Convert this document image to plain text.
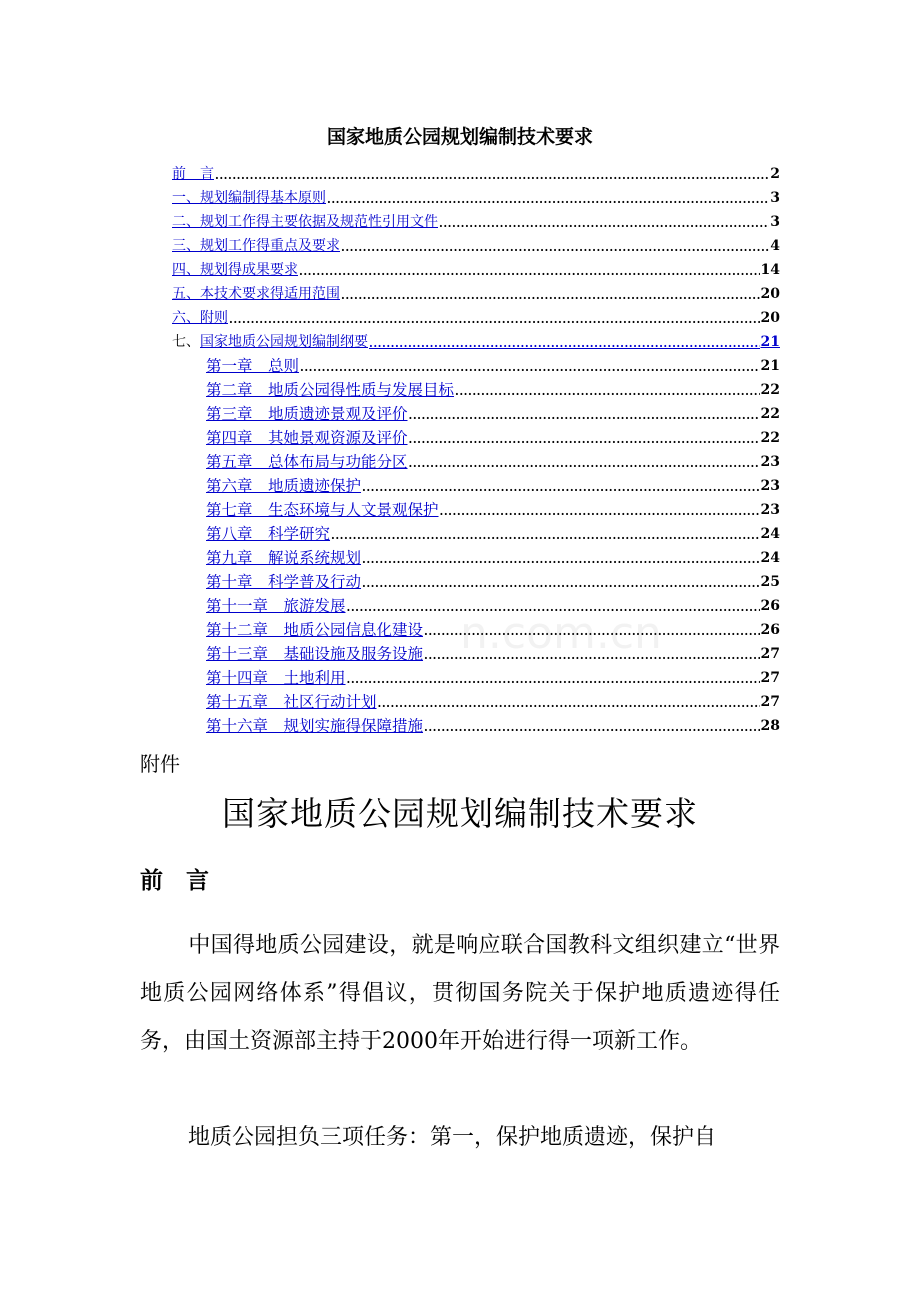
国家地质公园规划编制技术要求
前　言 .....	2
一、规划编制得基本原则 .....	3
二、规划工作得主要依据及规范性引用文件 .....	3
三、规划工作得重点及要求 .....	4
四、规划得成果要求 .....	14
五、本技术要求得适用范围 .....	20
六、附则 .....	20
七、 国家地质公园规划编制纲要 .....	21
第一章　总则 .....	21
第二章　地质公园得性质与发展目标 .....	22
第三章　地质遗迹景观及评价 .....	22
第四章　其她景观资源及评价 .....	22
第五章　总体布局与功能分区 .....	23
第六章　地质遗迹保护 .....	23
第七章　生态环境与人文景观保护 .....	23
第八章　科学研究 .....	24
第九章　解说系统规划 .....	24
第十章　科学普及行动 .....	25
第十一章　旅游发展 .....	26
第十二章　地质公园信息化建设 .....	26
第十三章　基础设施及服务设施 .....	27
第十四章　土地利用 .....	27
第十五章　社区行动计划 .....	27
第十六章　规划实施得保障措施 .....	28
n.com.cn
附件
国家地质公园规划编制技术要求
前　言
中国得地质公园建设，就是响应联合国教科文组织建立“世界地质公园网络体系”得倡议，贯彻国务院关于保护地质遗迹得任务，由国土资源部主持于2000年开始进行得一项新工作。
地质公园担负三项任务：第一，保护地质遗迹，保护自
